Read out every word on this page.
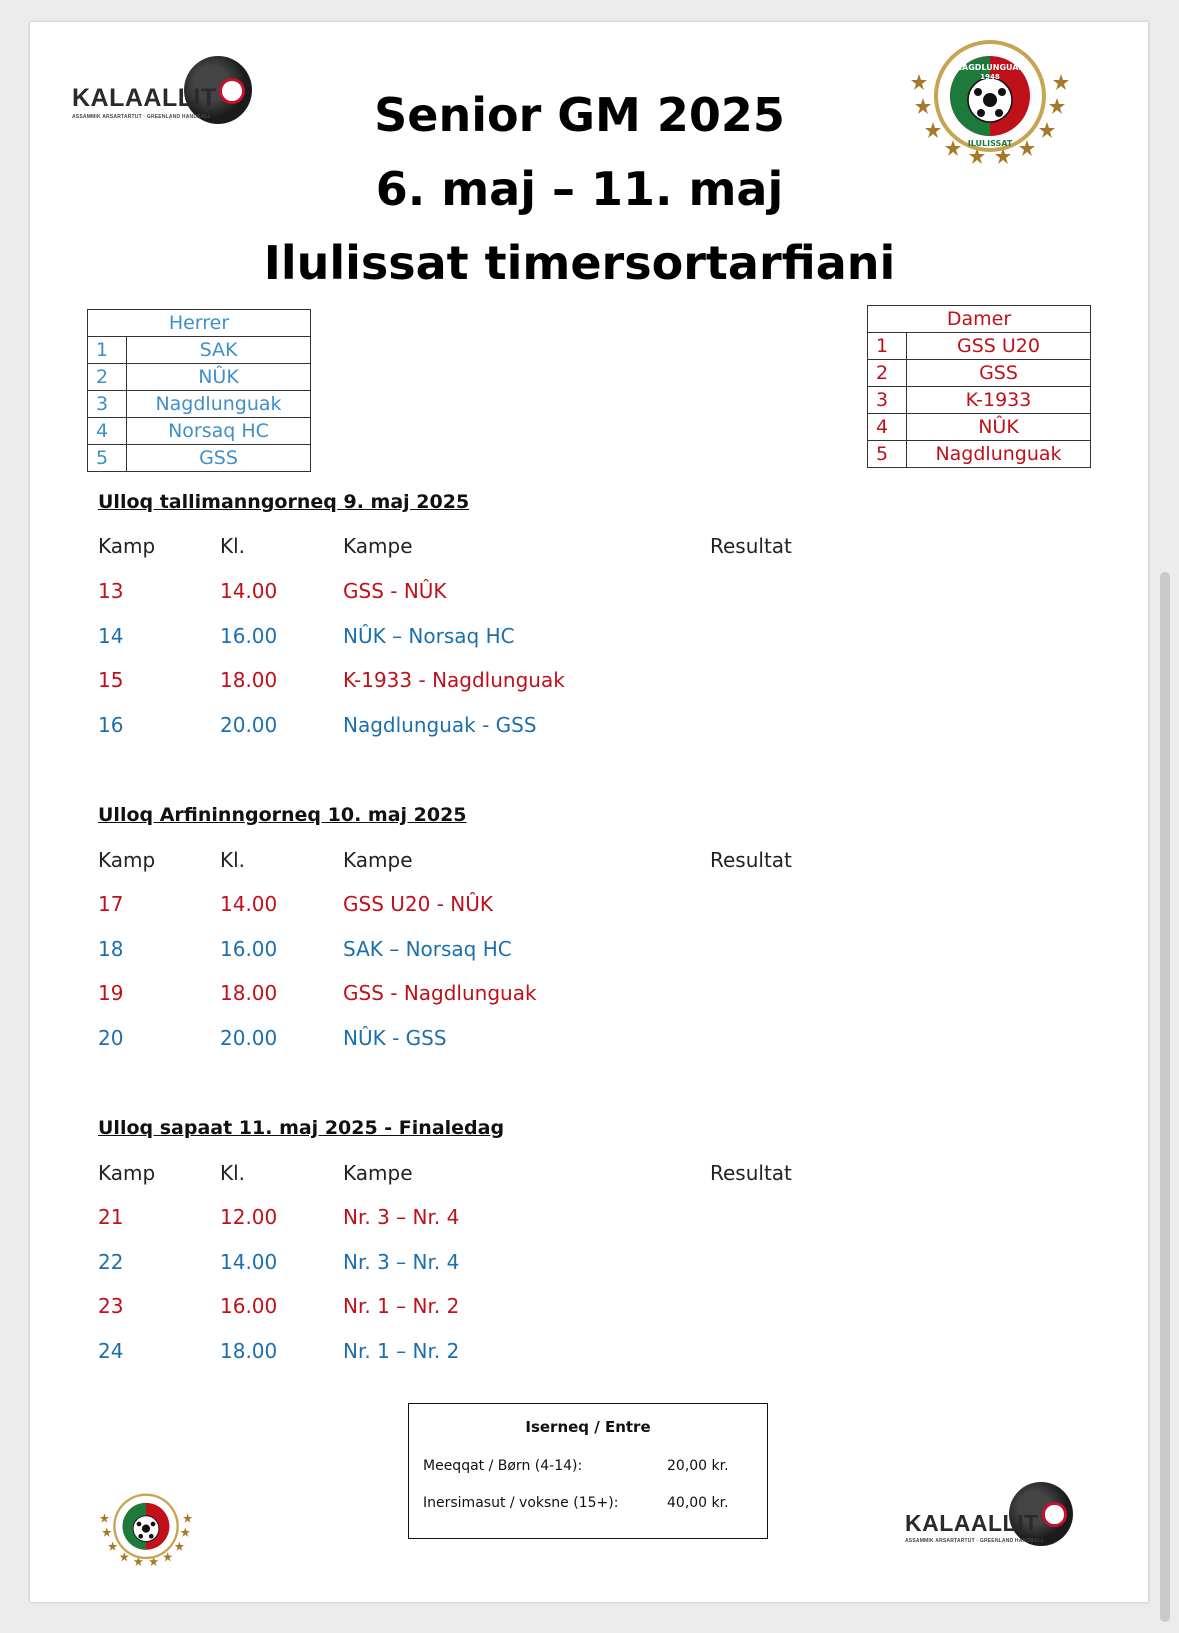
KALAALLIT
ASSAMMIK ARSARTARTUT · GREENLAND HANDBALL
NAGDLUNGUAK
1948
ILULISSAT
Senior GM 2025
6. maj – 11. maj
Ilulissat timersortarfiani
Herrer	
1	SAK
2	NÛK
3	Nagdlunguak
4	Norsaq HC
5	GSS
Damer	
1	GSS U20
2	GSS
3	K-1933
4	NÛK
5	Nagdlunguak
Ulloq tallimanngorneq 9. maj 2025
Kamp	Kl.	Kampe	Resultat
13	14.00	GSS - NÛK
14	16.00	NÛK – Norsaq HC
15	18.00	K-1933 - Nagdlunguak
16	20.00	Nagdlunguak - GSS
Ulloq Arfininngorneq 10. maj 2025
Kamp	Kl.	Kampe	Resultat
17	14.00	GSS U20 - NÛK
18	16.00	SAK – Norsaq HC
19	18.00	GSS - Nagdlunguak
20	20.00	NÛK - GSS
Ulloq sapaat 11. maj 2025 - Finaledag
Kamp	Kl.	Kampe	Resultat
21	12.00	Nr. 3 – Nr. 4
22	14.00	Nr. 3 – Nr. 4
23	16.00	Nr. 1 – Nr. 2
24	18.00	Nr. 1 – Nr. 2
Iserneq / Entre
Meeqqat / Børn (4-14):	20,00 kr.
Inersimasut / voksne (15+):	40,00 kr.
KALAALLIT
ASSAMMIK ARSARTARTUT · GREENLAND HANDBALL
